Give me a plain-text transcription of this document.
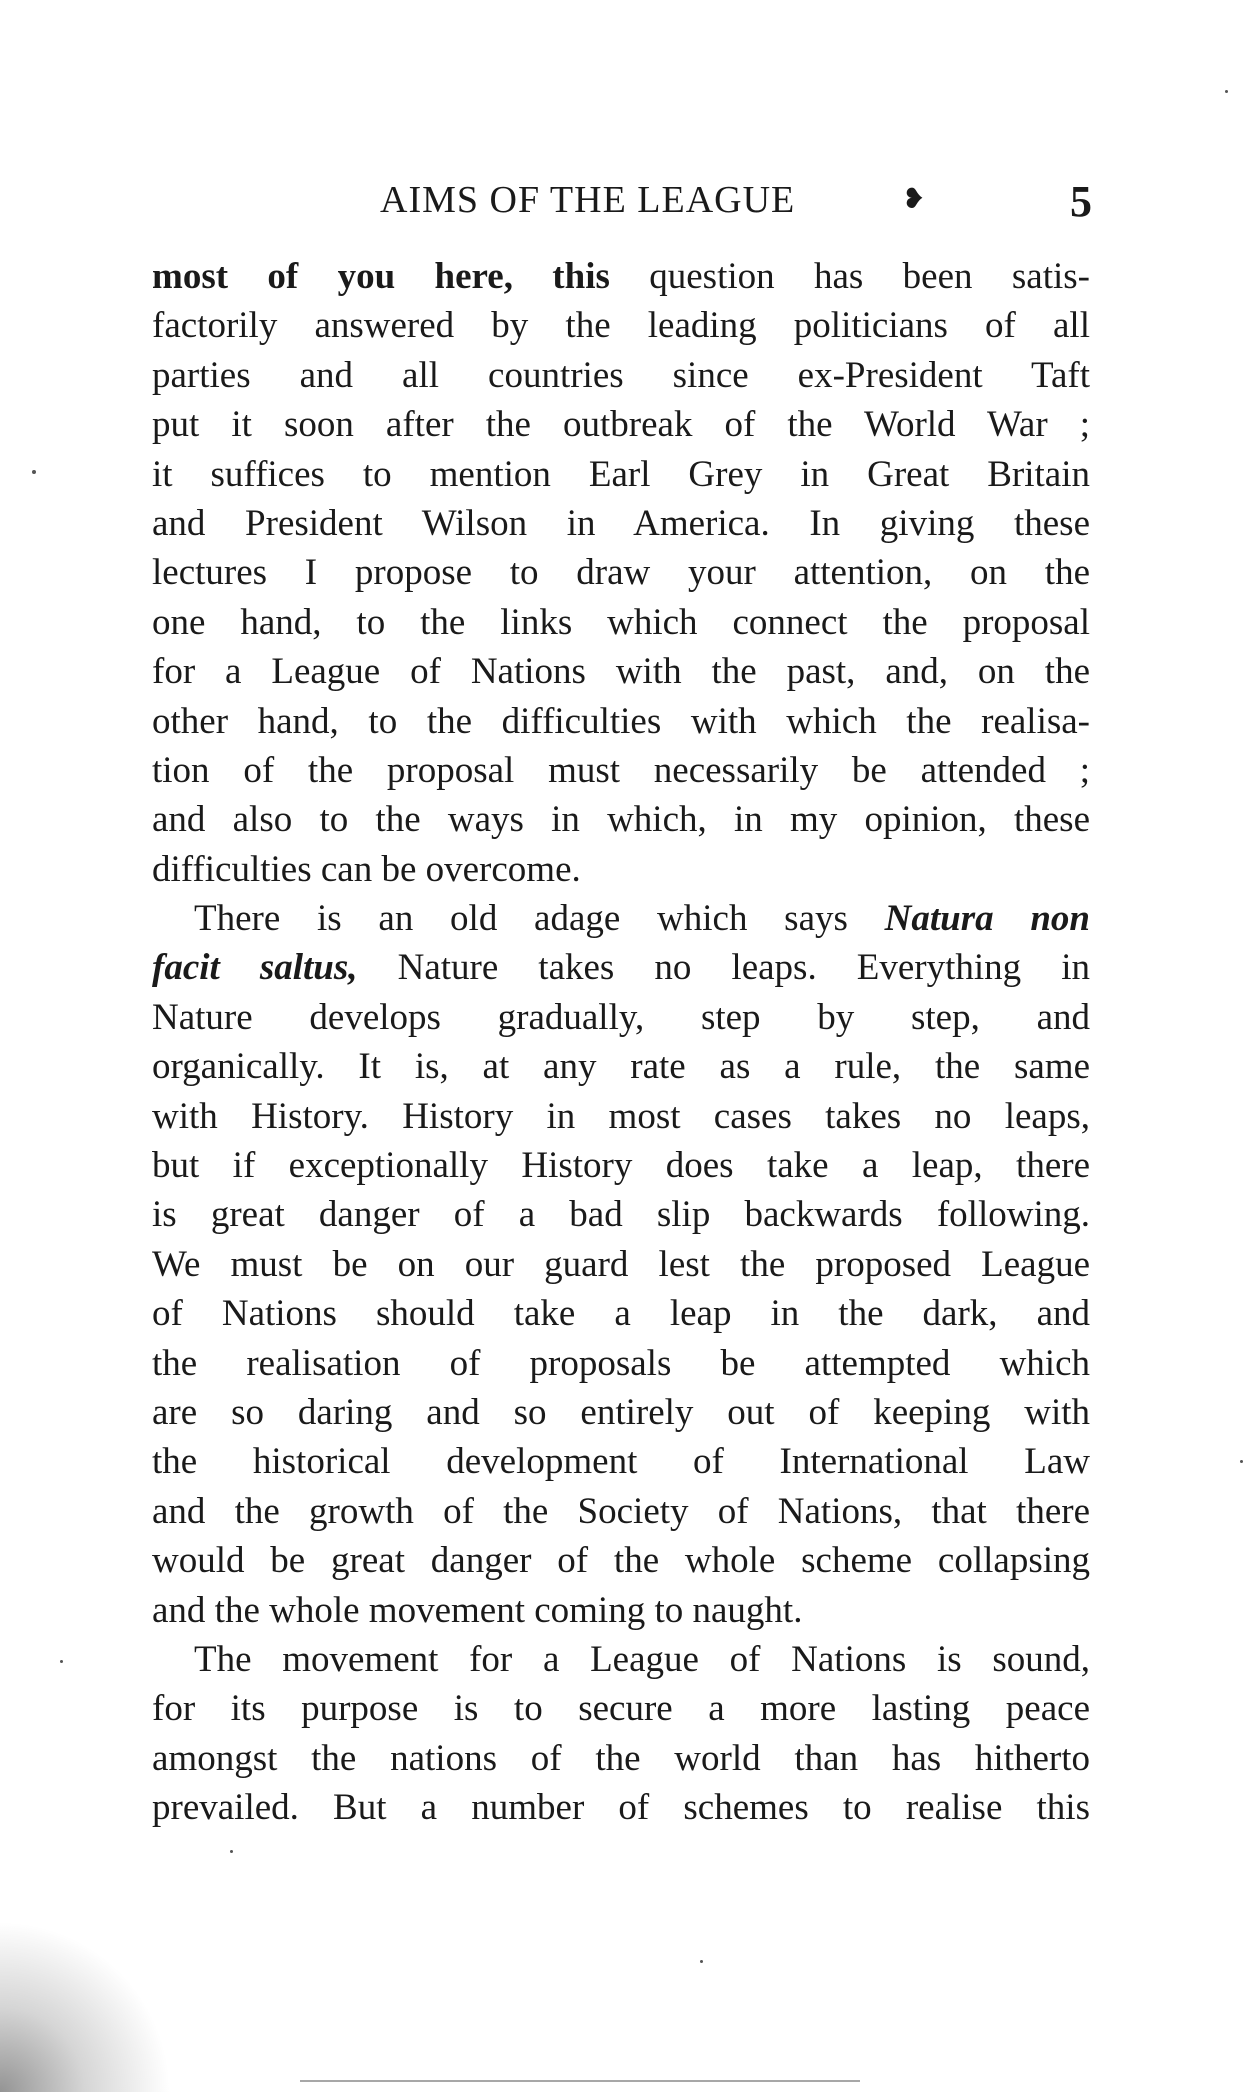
AIMS OF THE LEAGUE	❥	5
most of you here, this question has been satis-
factorily answered by the leading politicians of all
parties and all countries since ex-President Taft
put it soon after the outbreak of the World War ;
it suffices to mention Earl Grey in Great Britain
and President Wilson in America. In giving these
lectures I propose to draw your attention, on the
one hand, to the links which connect the proposal
for a League of Nations with the past, and, on the
other hand, to the difficulties with which the realisa-
tion of the proposal must necessarily be attended ;
and also to the ways in which, in my opinion, these
difficulties can be overcome.
There is an old adage which says Natura non
facit saltus, Nature takes no leaps. Everything in
Nature develops gradually, step by step, and
organically. It is, at any rate as a rule, the same
with History. History in most cases takes no leaps,
but if exceptionally History does take a leap, there
is great danger of a bad slip backwards following.
We must be on our guard lest the proposed League
of Nations should take a leap in the dark, and
the realisation of proposals be attempted which
are so daring and so entirely out of keeping with
the historical development of International Law
and the growth of the Society of Nations, that there
would be great danger of the whole scheme collapsing
and the whole movement coming to naught.
The movement for a League of Nations is sound,
for its purpose is to secure a more lasting peace
amongst the nations of the world than has hitherto
prevailed. But a number of schemes to realise this
